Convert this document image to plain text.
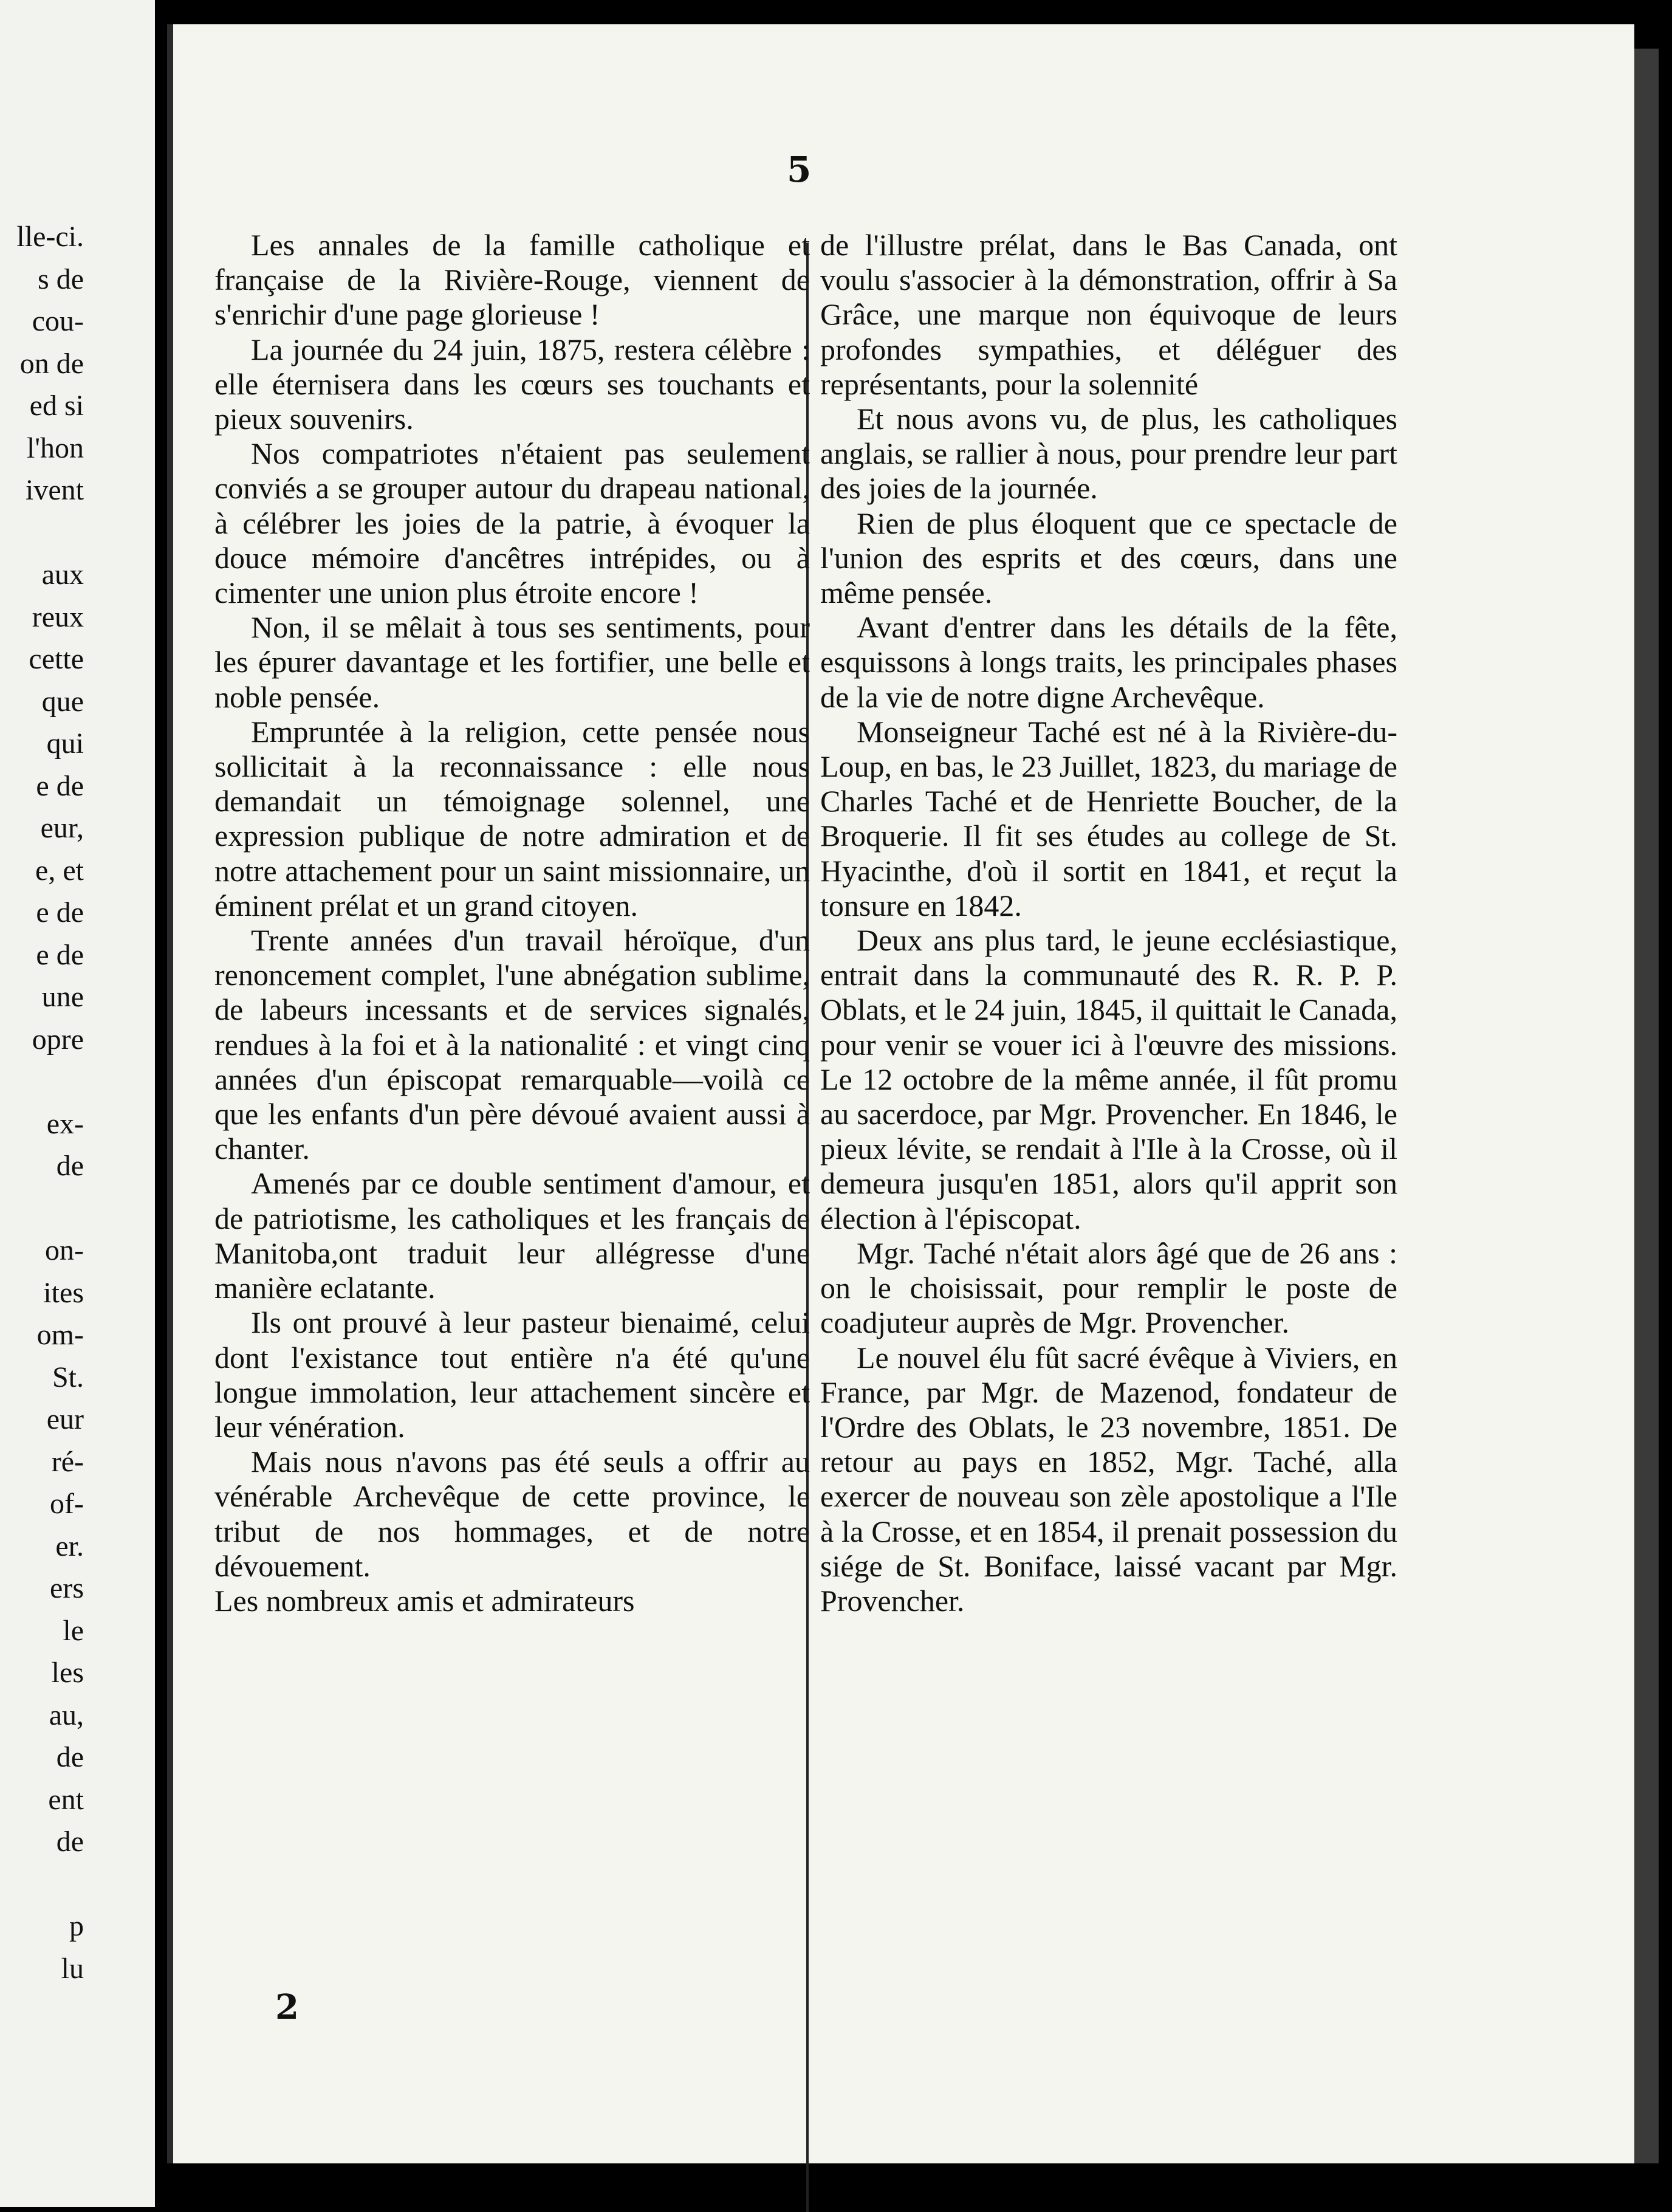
lle-ci.
s de
cou-
on de
ed si
l'hon
ivent
aux
reux
cette
que
qui
e de
eur,
e, et
e de
e de
une
opre
ex-
de
on-
ites
om-
St.
eur
ré-
of-
er.
ers
le
les
au,
de
ent
de
p
lu
5

Les annales de la famille catholique et française de la Rivière-Rouge, viennent de s'enrichir d'une page glorieuse !

La journée du 24 juin, 1875, restera célèbre : elle éternisera dans les cœurs ses touchants et pieux souvenirs.

Nos compatriotes n'étaient pas seulement conviés a se grouper autour du drapeau national, à célébrer les joies de la patrie, à évoquer la douce mémoire d'ancêtres intrépides, ou à cimenter une union plus étroite encore !

Non, il se mêlait à tous ses sentiments, pour les épurer davantage et les fortifier, une belle et noble pensée.

Empruntée à la religion, cette pensée nous sollicitait à la reconnaissance : elle nous demandait un témoignage solennel, une expression publique de notre admiration et de notre attachement pour un saint missionnaire, un éminent prélat et un grand citoyen.

Trente années d'un travail héroïque, d'un renoncement complet, l'une abnégation sublime, de labeurs incessants et de services signalés, rendues à la foi et à la nationalité : et vingt cinq années d'un épiscopat remarquable—voilà ce que les enfants d'un père dévoué avaient aussi à chanter.

Amenés par ce double sentiment d'amour, et de patriotisme, les catholiques et les français de Manitoba,ont traduit leur allégresse d'une manière eclatante.

Ils ont prouvé à leur pasteur bienaimé, celui dont l'existance tout entière n'a été qu'une longue immolation, leur attachement sincère et leur vénération.

Mais nous n'avons pas été seuls a offrir au vénérable Archevêque de cette province, le tribut de nos hommages, et de notre dévouement.

Les nombreux amis et admirateurs

de l'illustre prélat, dans le Bas Canada, ont voulu s'associer à la démonstration, offrir à Sa Grâce, une marque non équivoque de leurs profondes sympathies, et déléguer des représentants, pour la solennité

Et nous avons vu, de plus, les catholiques anglais, se rallier à nous, pour prendre leur part des joies de la journée.

Rien de plus éloquent que ce spectacle de l'union des esprits et des cœurs, dans une même pensée.

Avant d'entrer dans les détails de la fête, esquissons à longs traits, les principales phases de la vie de notre digne Archevêque.

Monseigneur Taché est né à la Rivière-du-Loup, en bas, le 23 Juillet, 1823, du mariage de Charles Taché et de Henriette Boucher, de la Broquerie. Il fit ses études au college de St. Hyacinthe, d'où il sortit en 1841, et reçut la tonsure en 1842.

Deux ans plus tard, le jeune ecclésiastique, entrait dans la communauté des R. R. P. P. Oblats, et le 24 juin, 1845, il quittait le Canada, pour venir se vouer ici à l'œuvre des missions. Le 12 octobre de la même année, il fût promu au sacerdoce, par Mgr. Provencher. En 1846, le pieux lévite, se rendait à l'Ile à la Crosse, où il demeura jusqu'en 1851, alors qu'il apprit son élection à l'épiscopat.

Mgr. Taché n'était alors âgé que de 26 ans : on le choisissait, pour remplir le poste de coadjuteur auprès de Mgr. Provencher.

Le nouvel élu fût sacré évêque à Viviers, en France, par Mgr. de Mazenod, fondateur de l'Ordre des Oblats, le 23 novembre, 1851. De retour au pays en 1852, Mgr. Taché, alla exercer de nouveau son zèle apostolique a l'Ile à la Crosse, et en 1854, il prenait possession du siége de St. Boniface, laissé vacant par Mgr. Provencher.

2
